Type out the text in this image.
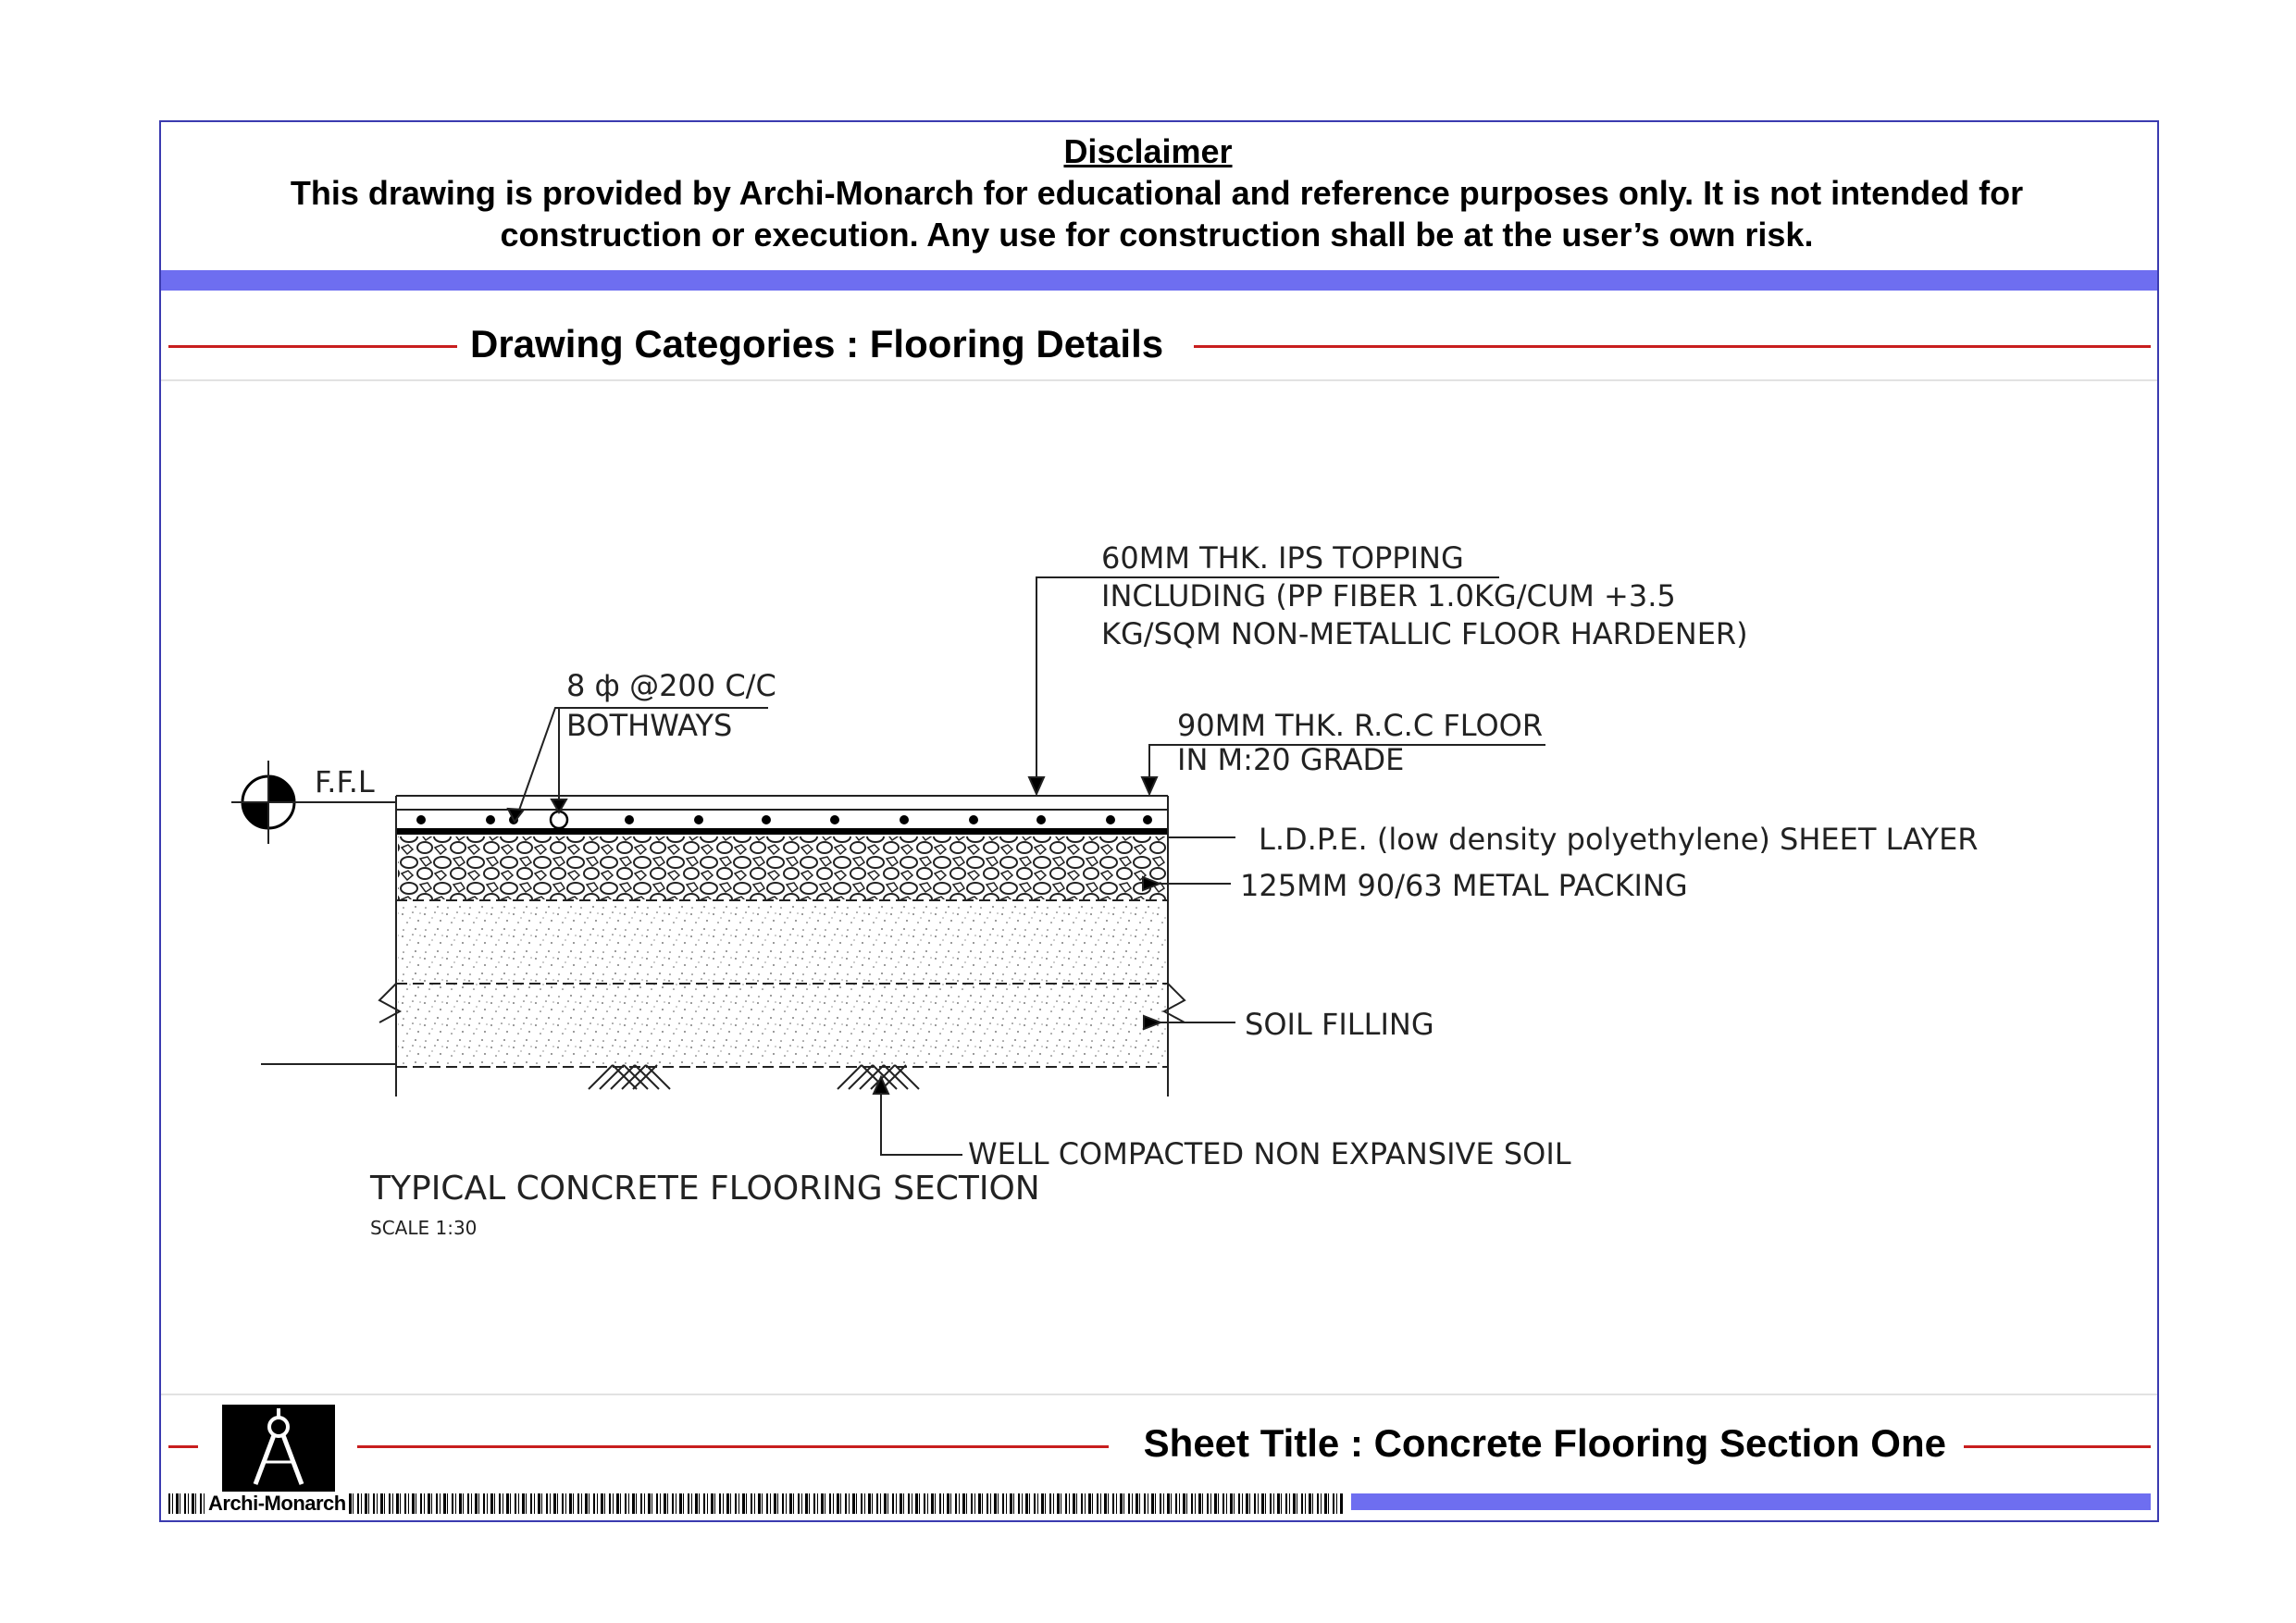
Disclaimer
This drawing is provided by Archi-Monarch for educational and reference purposes only. It is not intended for construction or execution. Any use for construction shall be at the user’s own risk.
Drawing Categories : Flooring Details
60MM THK. IPS TOPPING
INCLUDING (PP FIBER 1.0KG/CUM +3.5
KG/SQM NON-METALLIC FLOOR HARDENER)
8 ф @200 C/C
BOTHWAYS	90MM THK. R.C.C FLOOR
IN M:20 GRADE
F.F.L
L.D.P.E. (low density polyethylene) SHEET LAYER
125MM 90/63 METAL PACKING
SOIL FILLING
WELL COMPACTED NON EXPANSIVE SOIL
TYPICAL CONCRETE FLOORING SECTION
SCALE 1:30
Sheet Title : Concrete Flooring Section One
Archi-Monarch
